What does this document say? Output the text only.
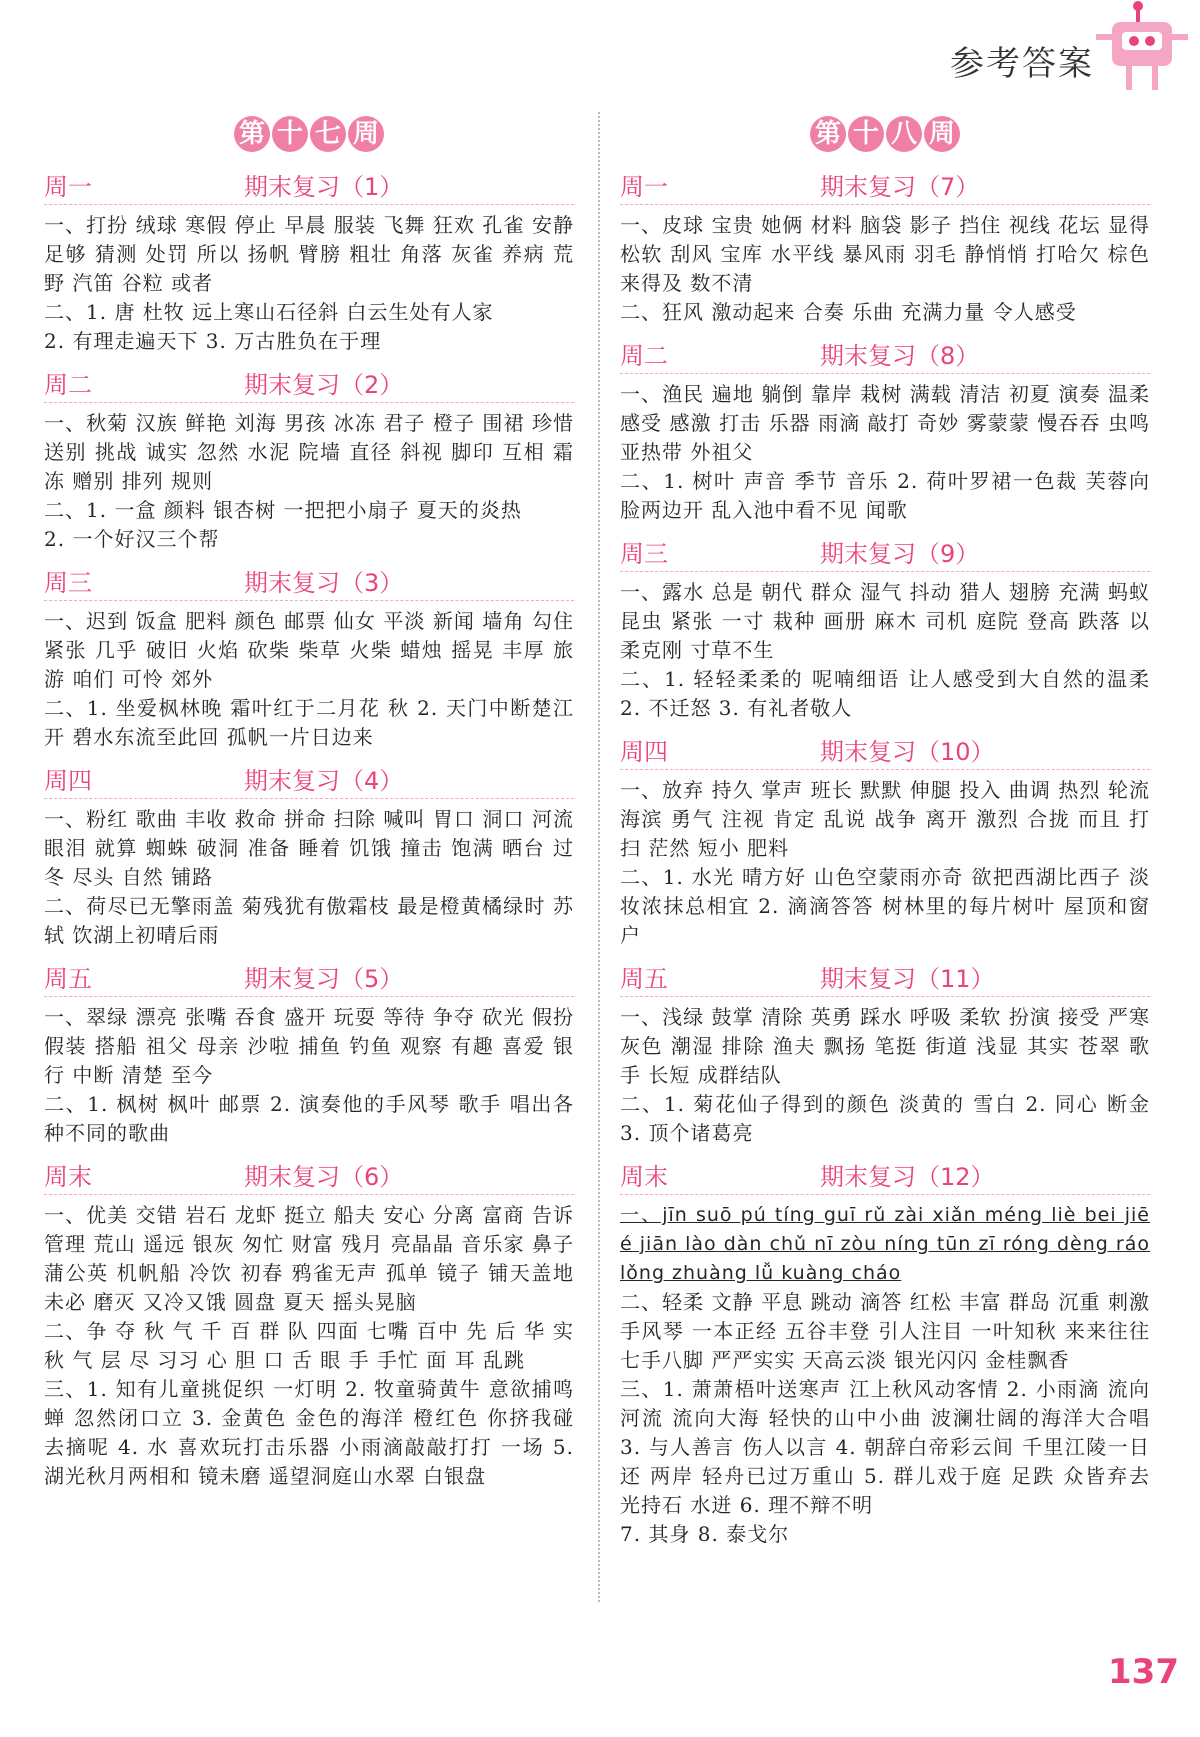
参考答案
第 十 七 周
周一	期末复习（1）
一、打扮 绒球 寒假 停止 早晨 服装 飞舞 狂欢 孔雀 安静 足够 猜测 处罚 所以 扬帆 臂膀 粗壮 角落 灰雀 养病 荒野 汽笛 谷粒 或者
二、1. 唐 杜牧 远上寒山石径斜 白云生处有人家
2. 有理走遍天下 3. 万古胜负在于理
周二	期末复习（2）
一、秋菊 汉族 鲜艳 刘海 男孩 冰冻 君子 橙子 围裙 珍惜 送别 挑战 诚实 忽然 水泥 院墙 直径 斜视 脚印 互相 霜冻 赠别 排列 规则
二、1. 一盒 颜料 银杏树 一把把小扇子 夏天的炎热
2. 一个好汉三个帮
周三	期末复习（3）
一、迟到 饭盒 肥料 颜色 邮票 仙女 平淡 新闻 墙角 勾住 紧张 几乎 破旧 火焰 砍柴 柴草 火柴 蜡烛 摇晃 丰厚 旅游 咱们 可怜 郊外
二、1. 坐爱枫林晚 霜叶红于二月花 秋 2. 天门中断楚江开 碧水东流至此回 孤帆一片日边来
周四	期末复习（4）
一、粉红 歌曲 丰收 救命 拼命 扫除 喊叫 胃口 洞口 河流 眼泪 就算 蜘蛛 破洞 准备 睡着 饥饿 撞击 饱满 晒台 过冬 尽头 自然 铺路
二、荷尽已无擎雨盖 菊残犹有傲霜枝 最是橙黄橘绿时 苏轼 饮湖上初晴后雨
周五	期末复习（5）
一、翠绿 漂亮 张嘴 吞食 盛开 玩耍 等待 争夺 砍光 假扮 假装 搭船 祖父 母亲 沙啦 捕鱼 钓鱼 观察 有趣 喜爱 银行 中断 清楚 至今
二、1. 枫树 枫叶 邮票 2. 演奏他的手风琴 歌手 唱出各种不同的歌曲
周末	期末复习（6）
一、优美 交错 岩石 龙虾 挺立 船夫 安心 分离 富商 告诉 管理 荒山 遥远 银灰 匆忙 财富 残月 亮晶晶 音乐家 鼻子 蒲公英 机帆船 冷饮 初春 鸦雀无声 孤单 镜子 铺天盖地 未必 磨灭 又冷又饿 圆盘 夏天 摇头晃脑
二、争 夺 秋 气 千 百 群 队 四面 七嘴 百中 先 后 华 实 秋 气 层 尽 习习 心 胆 口 舌 眼 手 手忙 面 耳 乱跳
三、1. 知有儿童挑促织 一灯明 2. 牧童骑黄牛 意欲捕鸣蝉 忽然闭口立 3. 金黄色 金色的海洋 橙红色 你挤我碰 去摘呢 4. 水 喜欢玩打击乐器 小雨滴敲敲打打 一场 5. 湖光秋月两相和 镜未磨 遥望洞庭山水翠 白银盘
第 十 八 周
周一	期末复习（7）
一、皮球 宝贵 她俩 材料 脑袋 影子 挡住 视线 花坛 显得 松软 刮风 宝库 水平线 暴风雨 羽毛 静悄悄 打哈欠 棕色 来得及 数不清
二、狂风 激动起来 合奏 乐曲 充满力量 令人感受
周二	期末复习（8）
一、渔民 遍地 躺倒 靠岸 栽树 满载 清洁 初夏 演奏 温柔 感受 感激 打击 乐器 雨滴 敲打 奇妙 雾蒙蒙 慢吞吞 虫鸣 亚热带 外祖父
二、1. 树叶 声音 季节 音乐 2. 荷叶罗裙一色裁 芙蓉向脸两边开 乱入池中看不见 闻歌
周三	期末复习（9）
一、露水 总是 朝代 群众 湿气 抖动 猎人 翅膀 充满 蚂蚁 昆虫 紧张 一寸 栽种 画册 麻木 司机 庭院 登高 跌落 以柔克刚 寸草不生
二、1. 轻轻柔柔的 呢喃细语 让人感受到大自然的温柔 2. 不迁怒 3. 有礼者敬人
周四	期末复习（10）
一、放弃 持久 掌声 班长 默默 伸腿 投入 曲调 热烈 轮流 海滨 勇气 注视 肯定 乱说 战争 离开 激烈 合拢 而且 打扫 茫然 短小 肥料
二、1. 水光 晴方好 山色空蒙雨亦奇 欲把西湖比西子 淡妆浓抹总相宜 2. 滴滴答答 树林里的每片树叶 屋顶和窗户
周五	期末复习（11）
一、浅绿 鼓掌 清除 英勇 踩水 呼吸 柔软 扮演 接受 严寒 灰色 潮湿 排除 渔夫 飘扬 笔挺 街道 浅显 其实 苍翠 歌手 长短 成群结队
二、1. 菊花仙子得到的颜色 淡黄的 雪白 2. 同心 断金 3. 顶个诸葛亮
周末	期末复习（12）
一、jīn suō pú tíng guī rǔ zài xiǎn méng liè bei jiē é jiān lào dàn chǔ nī zòu níng tūn zī róng dèng ráo lǒng zhuàng lǚ kuàng cháo
二、轻柔 文静 平息 跳动 滴答 红松 丰富 群岛 沉重 刺激 手风琴 一本正经 五谷丰登 引人注目 一叶知秋 来来往往 七手八脚 严严实实 天高云淡 银光闪闪 金桂飘香
三、1. 萧萧梧叶送寒声 江上秋风动客情 2. 小雨滴 流向河流 流向大海 轻快的山中小曲 波澜壮阔的海洋大合唱 3. 与人善言 伤人以言 4. 朝辞白帝彩云间 千里江陵一日还 两岸 轻舟已过万重山 5. 群儿戏于庭 足跌 众皆弃去 光持石 水迸 6. 理不辩不明
7. 其身 8. 泰戈尔
137
